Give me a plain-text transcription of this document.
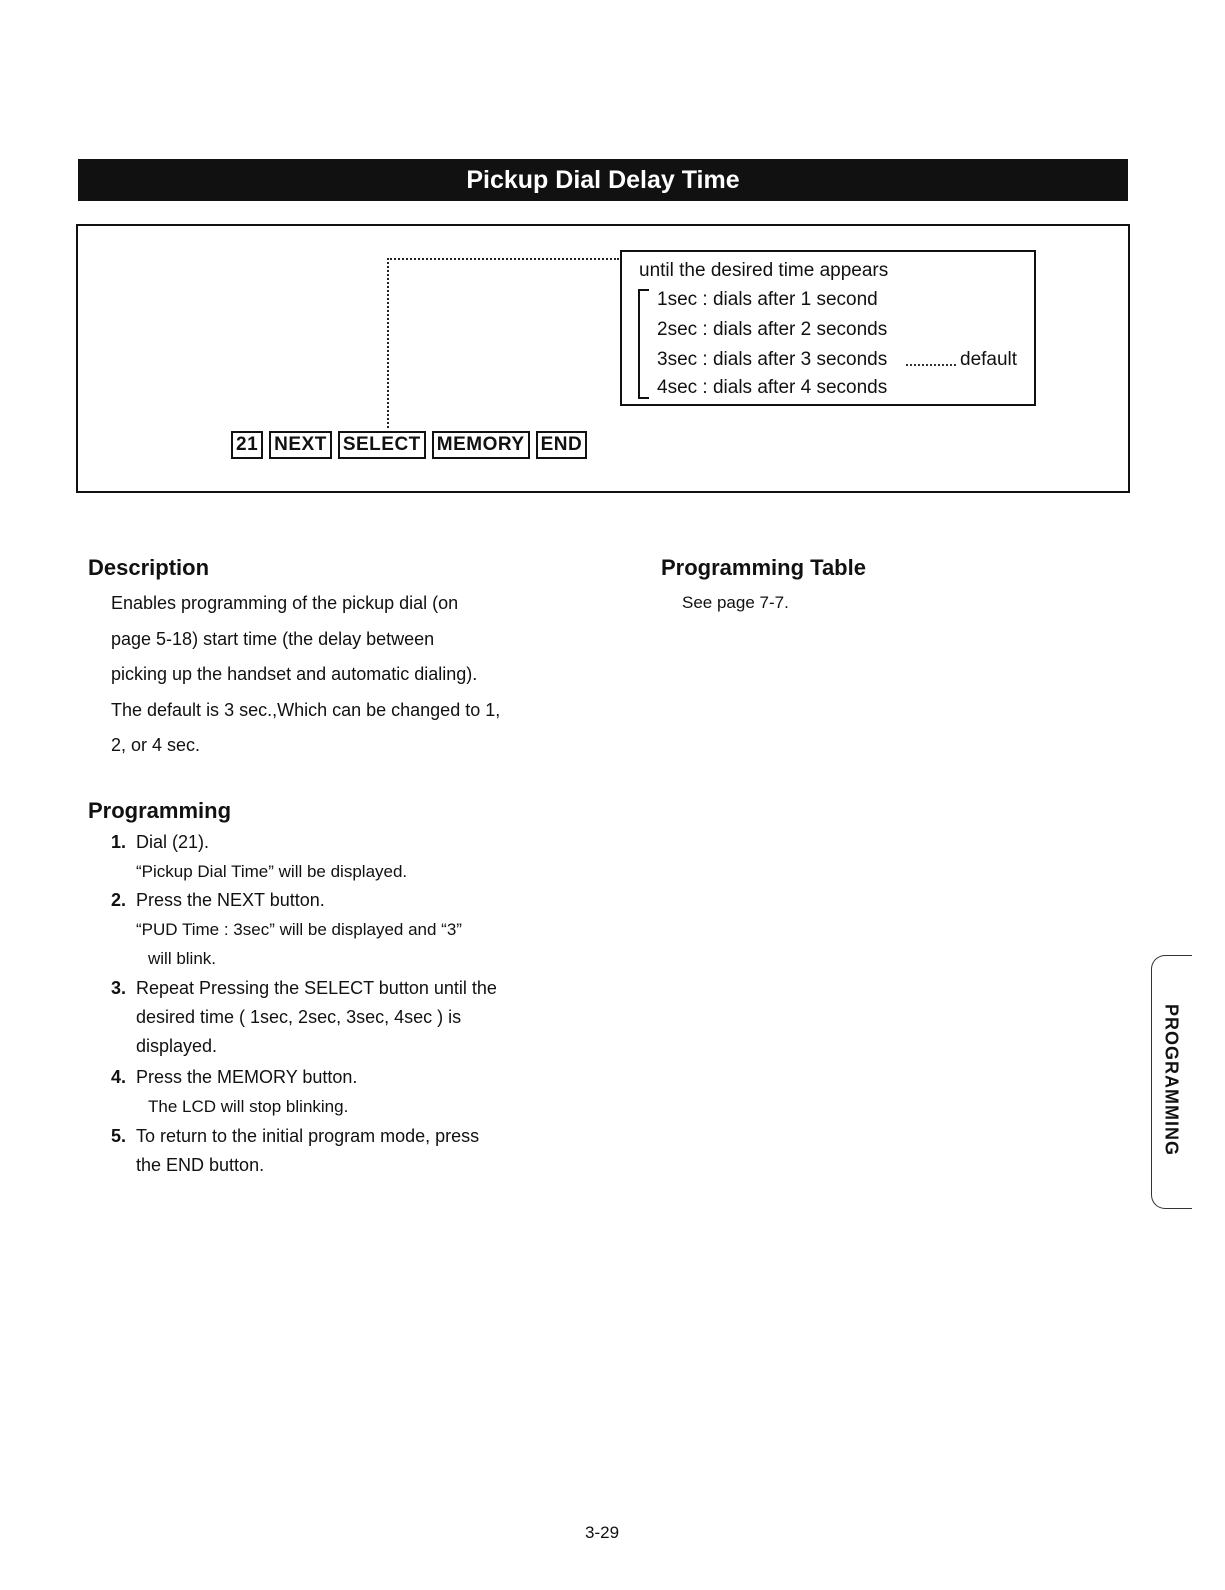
Pickup Dial Delay Time
21 NEXT SELECT MEMORY END
until the desired time appears
1sec : dials after 1 second
2sec : dials after 2 seconds
3sec : dials after 3 seconds
4sec : dials after 4 seconds
default
Description
Enables programming of the pickup dial (on
page 5-18) start time (the delay between
picking up the handset and automatic dialing).
The default is 3 sec.,Which can be changed to 1,
2, or 4 sec.
Programming Table
See page 7-7.
Programming
1. Dial (21).
“Pickup Dial Time” will be displayed.
2. Press the NEXT button.
“PUD Time : 3sec” will be displayed and “3”
will blink.
3. Repeat Pressing the SELECT button until the
desired time ( 1sec, 2sec, 3sec, 4sec ) is
displayed.
4. Press the MEMORY button.
The LCD will stop blinking.
5. To return to the initial program mode, press
the END button.
PROGRAMMING
3-29
